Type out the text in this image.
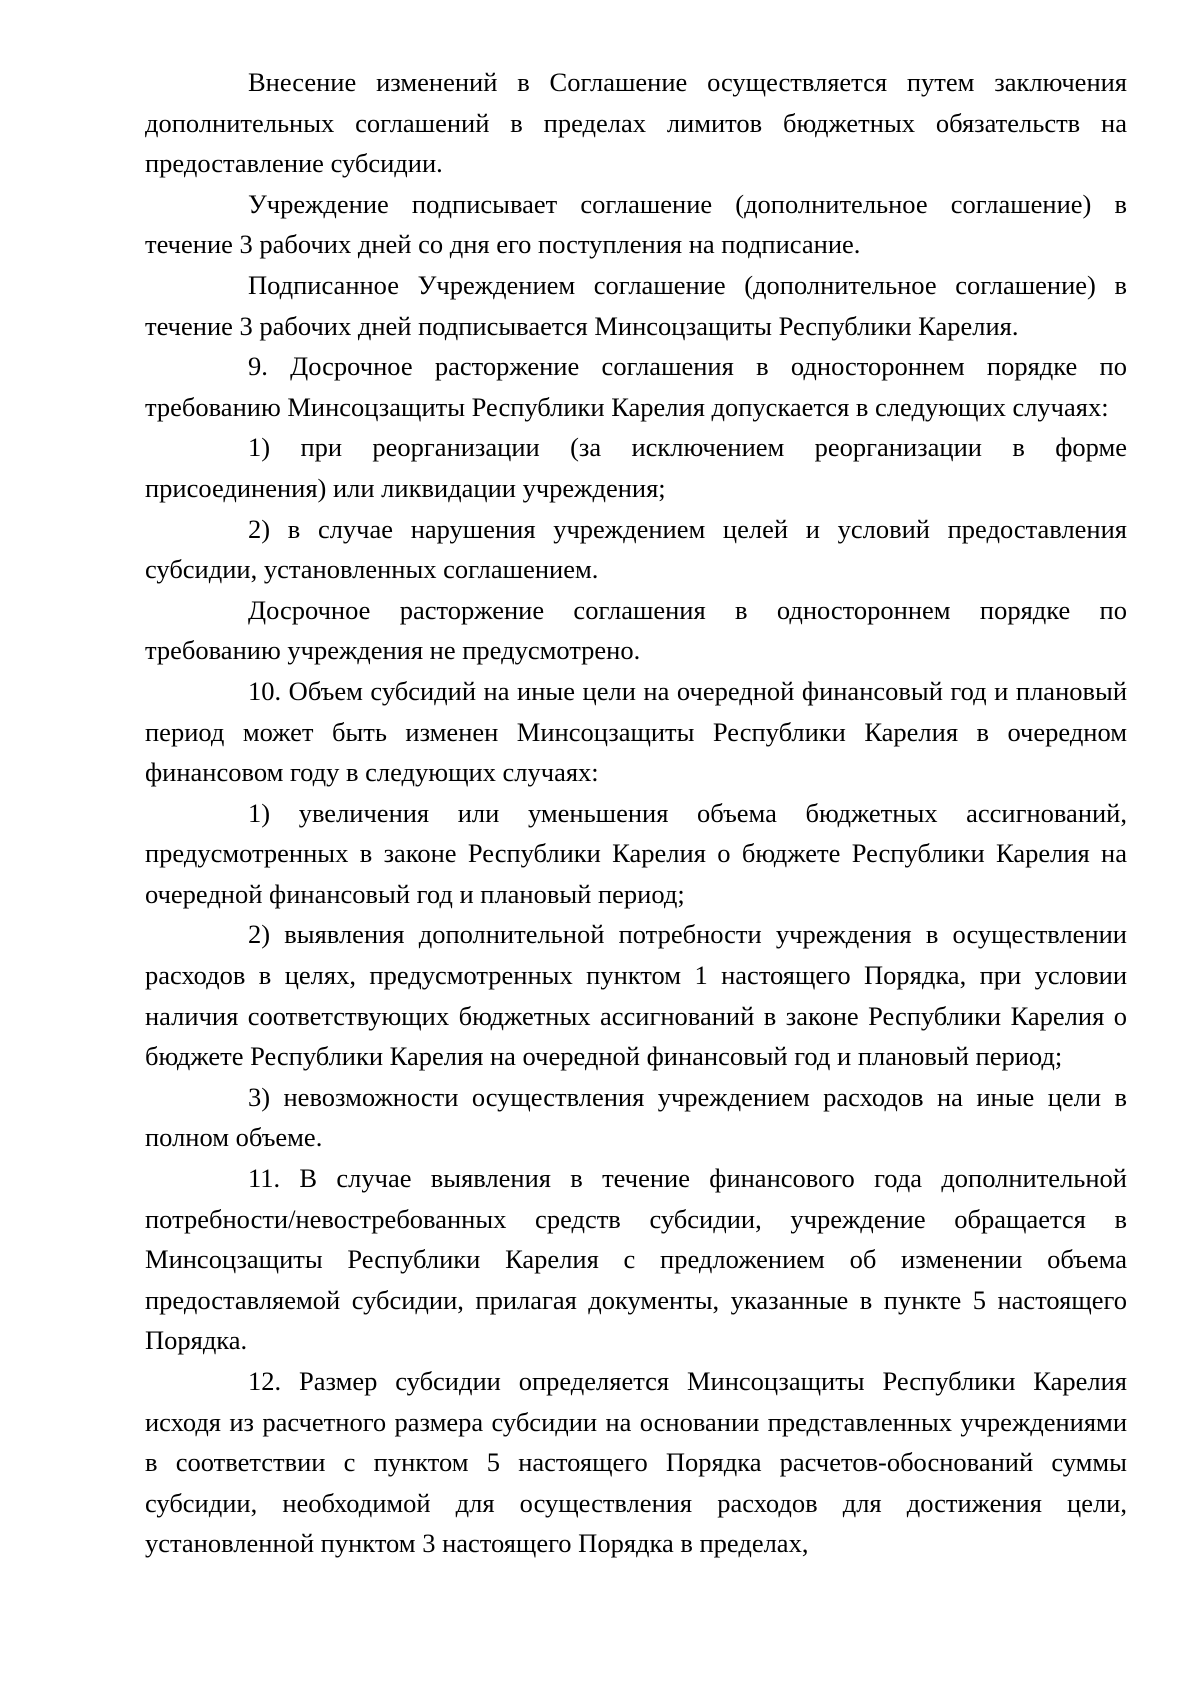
Внесение изменений в Соглашение осуществляется путем заключения дополнительных соглашений в пределах лимитов бюджетных обязательств на предоставление субсидии.

Учреждение подписывает соглашение (дополнительное соглашение) в течение 3 рабочих дней со дня его поступления на подписание.

Подписанное Учреждением соглашение (дополнительное соглашение) в течение 3 рабочих дней подписывается Минсоцзащиты Республики Карелия.

9. Досрочное расторжение соглашения в одностороннем порядке по требованию Минсоцзащиты Республики Карелия допускается в следующих случаях:

1) при реорганизации (за исключением реорганизации в форме присоединения) или ликвидации учреждения;

2) в случае нарушения учреждением целей и условий предоставления субсидии, установленных соглашением.

Досрочное расторжение соглашения в одностороннем порядке по требованию учреждения не предусмотрено.

10. Объем субсидий на иные цели на очередной финансовый год и плановый период может быть изменен Минсоцзащиты Республики Карелия в очередном финансовом году в следующих случаях:

1) увеличения или уменьшения объема бюджетных ассигнований, предусмотренных в законе Республики Карелия о бюджете Республики Карелия на очередной финансовый год и плановый период;

2) выявления дополнительной потребности учреждения в осуществлении расходов в целях, предусмотренных пунктом 1 настоящего Порядка, при условии наличия соответствующих бюджетных ассигнований в законе Республики Карелия о бюджете Республики Карелия на очередной финансовый год и плановый период;

3) невозможности осуществления учреждением расходов на иные цели в полном объеме.

11. В случае выявления в течение финансового года дополнительной потребности/невостребованных средств субсидии, учреждение обращается в Минсоцзащиты Республики Карелия с предложением об изменении объема предоставляемой субсидии, прилагая документы, указанные в пункте 5 настоящего Порядка.

12. Размер субсидии определяется Минсоцзащиты Республики Карелия исходя из расчетного размера субсидии на основании представленных учреждениями в соответствии с пунктом 5 настоящего Порядка расчетов-обоснований суммы субсидии, необходимой для осуществления расходов для достижения цели, установленной пунктом 3 настоящего Порядка в пределах,
